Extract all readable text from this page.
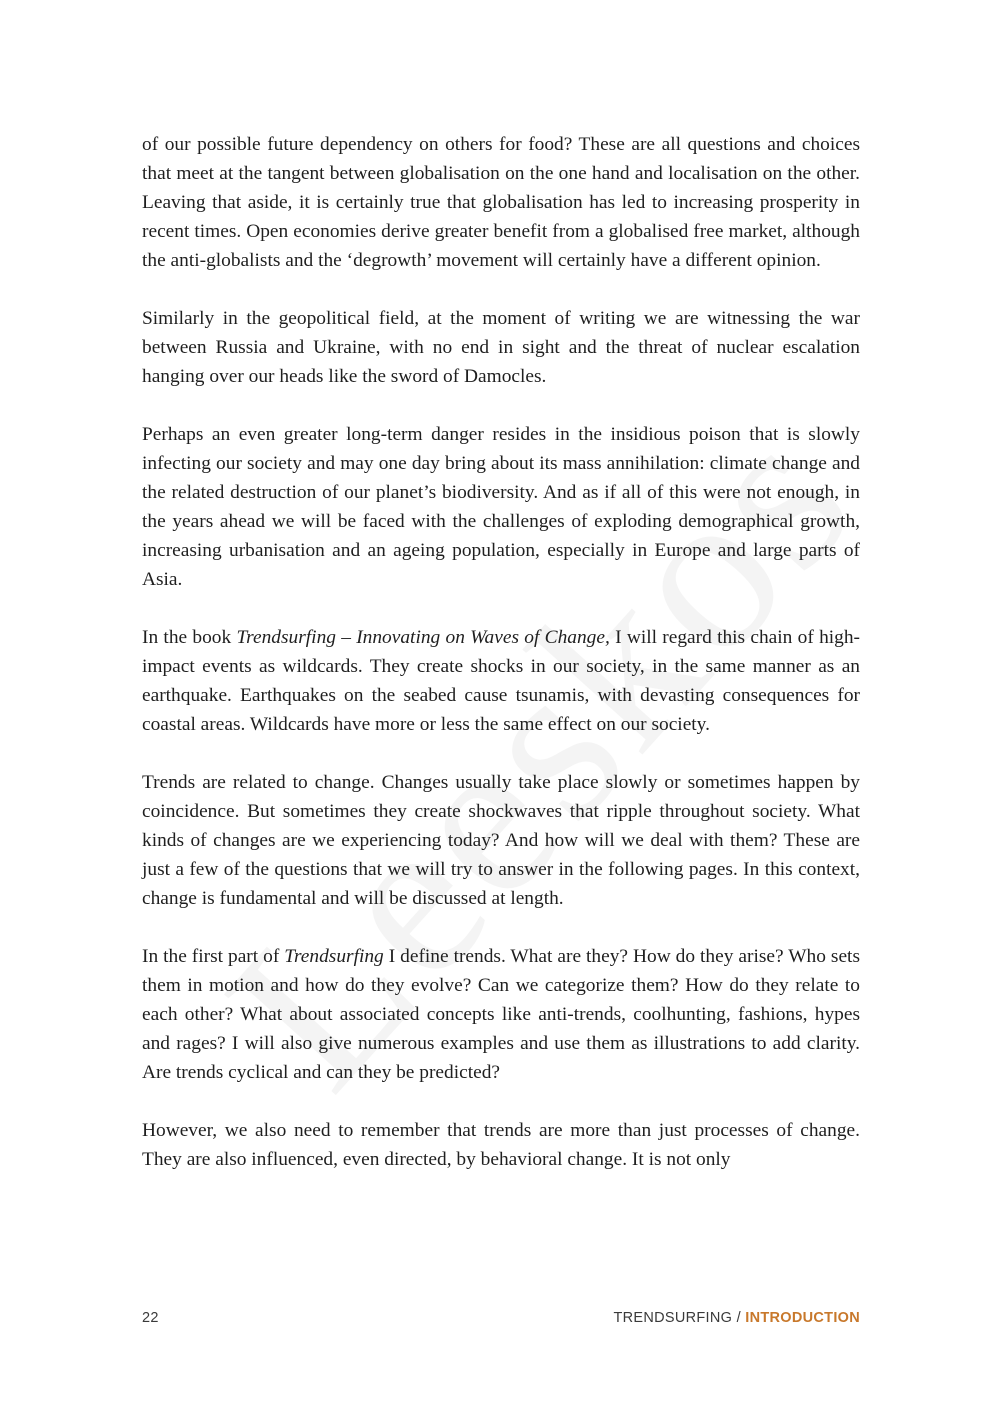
of our possible future dependency on others for food? These are all questions and choices that meet at the tangent between globalisation on the one hand and localisation on the other. Leaving that aside, it is certainly true that globalisation has led to increasing prosperity in recent times. Open economies derive greater benefit from a globalised free market, although the anti-globalists and the ‘degrowth’ movement will certainly have a different opinion.

Similarly in the geopolitical field, at the moment of writing we are witnessing the war between Russia and Ukraine, with no end in sight and the threat of nuclear escalation hanging over our heads like the sword of Damocles.

Perhaps an even greater long-term danger resides in the insidious poison that is slowly infecting our society and may one day bring about its mass annihilation: climate change and the related destruction of our planet’s biodiversity. And as if all of this were not enough, in the years ahead we will be faced with the challenges of exploding demographical growth, increasing urbanisation and an ageing population, especially in Europe and large parts of Asia.

In the book Trendsurfing – Innovating on Waves of Change, I will regard this chain of high-impact events as wildcards. They create shocks in our society, in the same manner as an earthquake. Earthquakes on the seabed cause tsunamis, with devasting consequences for coastal areas. Wildcards have more or less the same effect on our society.

Trends are related to change. Changes usually take place slowly or sometimes happen by coincidence. But sometimes they create shockwaves that ripple throughout society. What kinds of changes are we experiencing today? And how will we deal with them? These are just a few of the questions that we will try to answer in the following pages. In this context, change is fundamental and will be discussed at length.

In the first part of Trendsurfing I define trends. What are they? How do they arise? Who sets them in motion and how do they evolve? Can we categorize them? How do they relate to each other? What about associated concepts like anti-trends, coolhunting, fashions, hypes and rages? I will also give numerous examples and use them as illustrations to add clarity. Are trends cyclical and can they be predicted?

However, we also need to remember that trends are more than just processes of change. They are also influenced, even directed, by behavioral change. It is not only

22	TRENDSURFING / INTRODUCTION
